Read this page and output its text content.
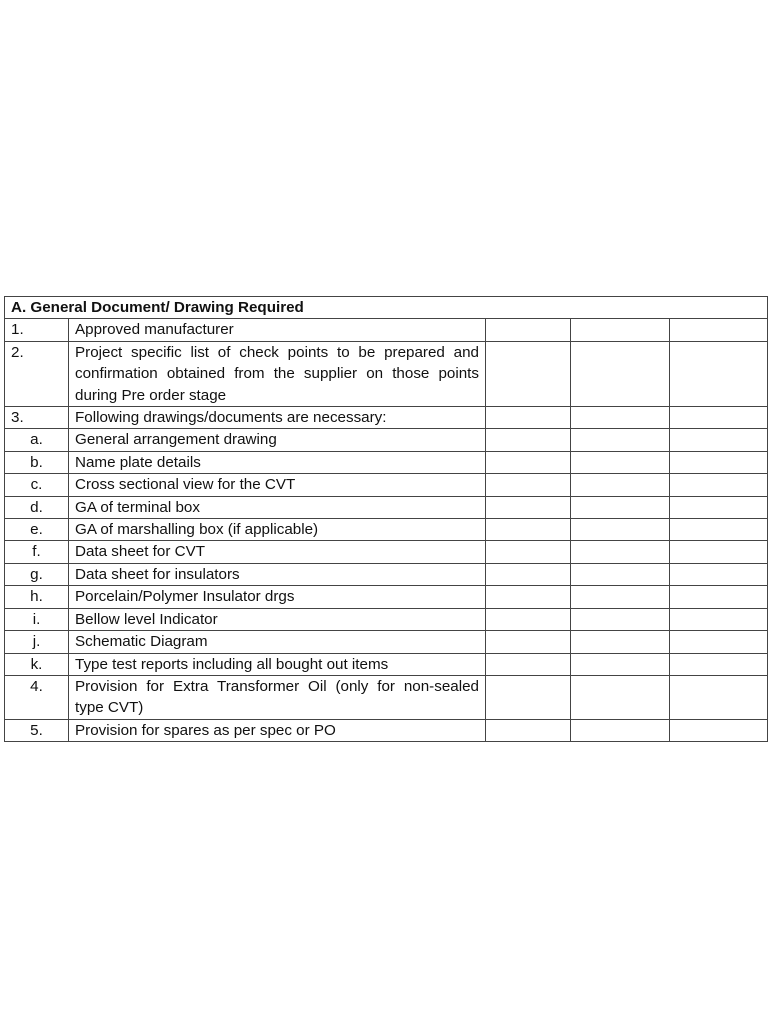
A. General Document/ Drawing Required				
1.	Approved manufacturer			
2.	Project specific list of check points to be prepared and confirmation obtained from the supplier on those points during Pre order stage			
3.	Following drawings/documents are necessary:			
a.	General arrangement drawing			
b.	Name plate details			
c.	Cross sectional view for the CVT			
d.	GA of terminal box			
e.	GA of marshalling box (if applicable)			
f.	Data sheet for CVT			
g.	Data sheet for insulators			
h.	Porcelain/Polymer Insulator drgs			
i.	Bellow level Indicator			
j.	Schematic Diagram			
k.	Type test reports including all bought out items			
4.	Provision for Extra Transformer Oil (only for non-sealed type CVT)			
5.	Provision for spares as per spec or PO			
